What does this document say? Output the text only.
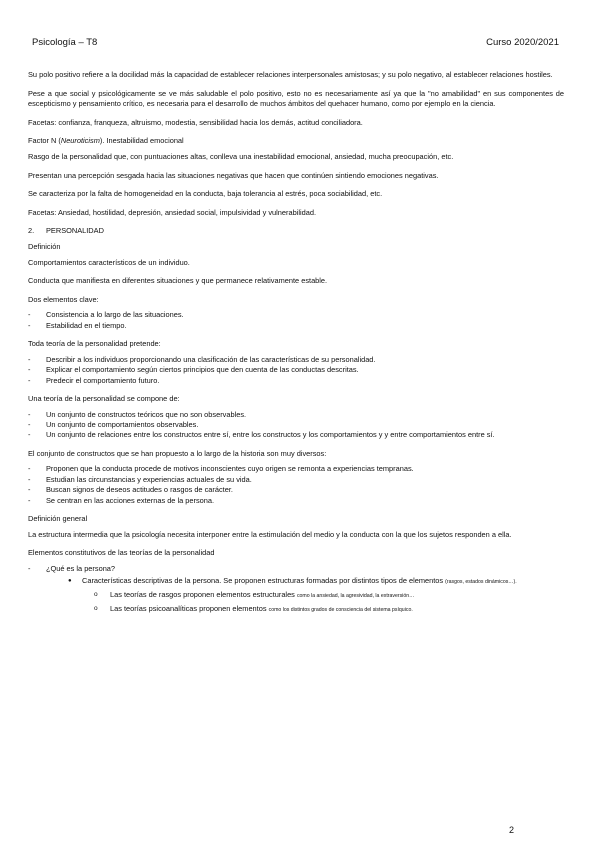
Psicología – T8	Curso 2020/2021

Su polo positivo refiere a la docilidad más la capacidad de establecer relaciones interpersonales amistosas; y su polo negativo, al establecer relaciones hostiles.

Pese a que social y psicológicamente se ve más saludable el polo positivo, esto no es necesariamente así ya que la "no amabilidad" en sus componentes de escepticismo y pensamiento crítico, es necesaria para el desarrollo de muchos ámbitos del quehacer humano, como por ejemplo en la ciencia.

Facetas: confianza, franqueza, altruismo, modestia, sensibilidad hacia los demás, actitud conciliadora.

Factor N (Neuroticism). Inestabilidad emocional

Rasgo de la personalidad que, con puntuaciones altas, conlleva una inestabilidad emocional, ansiedad, mucha preocupación, etc.

Presentan una percepción sesgada hacia las situaciones negativas que hacen que continúen sintiendo emociones negativas.

Se caracteriza por la falta de homogeneidad en la conducta, baja tolerancia al estrés, poca sociabilidad, etc.

Facetas: Ansiedad, hostilidad, depresión, ansiedad social, impulsividad y vulnerabilidad.

2. PERSONALIDAD

Definición

Comportamientos característicos de un individuo.

Conducta que manifiesta en diferentes situaciones y que permanece relativamente estable.

Dos elementos clave:

- Consistencia a lo largo de las situaciones.
- Estabilidad en el tiempo.

Toda teoría de la personalidad pretende:

- Describir a los individuos proporcionando una clasificación de las características de su personalidad.
- Explicar el comportamiento según ciertos principios que den cuenta de las conductas descritas.
- Predecir el comportamiento futuro.

Una teoría de la personalidad se compone de:

- Un conjunto de constructos teóricos que no son observables.
- Un conjunto de comportamientos observables.
- Un conjunto de relaciones entre los constructos entre sí, entre los constructos y los comportamientos y y entre comportamientos entre sí.

El conjunto de constructos que se han propuesto a lo largo de la historia son muy diversos:

- Proponen que la conducta procede de motivos inconscientes cuyo origen se remonta a experiencias tempranas.
- Estudian las circunstancias y experiencias actuales de su vida.
- Buscan signos de deseos actitudes o rasgos de carácter.
- Se centran en las acciones externas de la persona.

Definición general

La estructura intermedia que la psicología necesita interponer entre la estimulación del medio y la conducta con la que los sujetos responden a ella.

Elementos constitutivos de las teorías de la personalidad

- ¿Qué es la persona?
● Características descriptivas de la persona. Se proponen estructuras formadas por distintos tipos de elementos (rasgos, estados dinámicos…).
o Las teorías de rasgos proponen elementos estructurales como la ansiedad, la agresividad, la extraversión…
o Las teorías psicoanalíticas proponen elementos como los distintos grados de consciencia del sistema psíquico.
2
